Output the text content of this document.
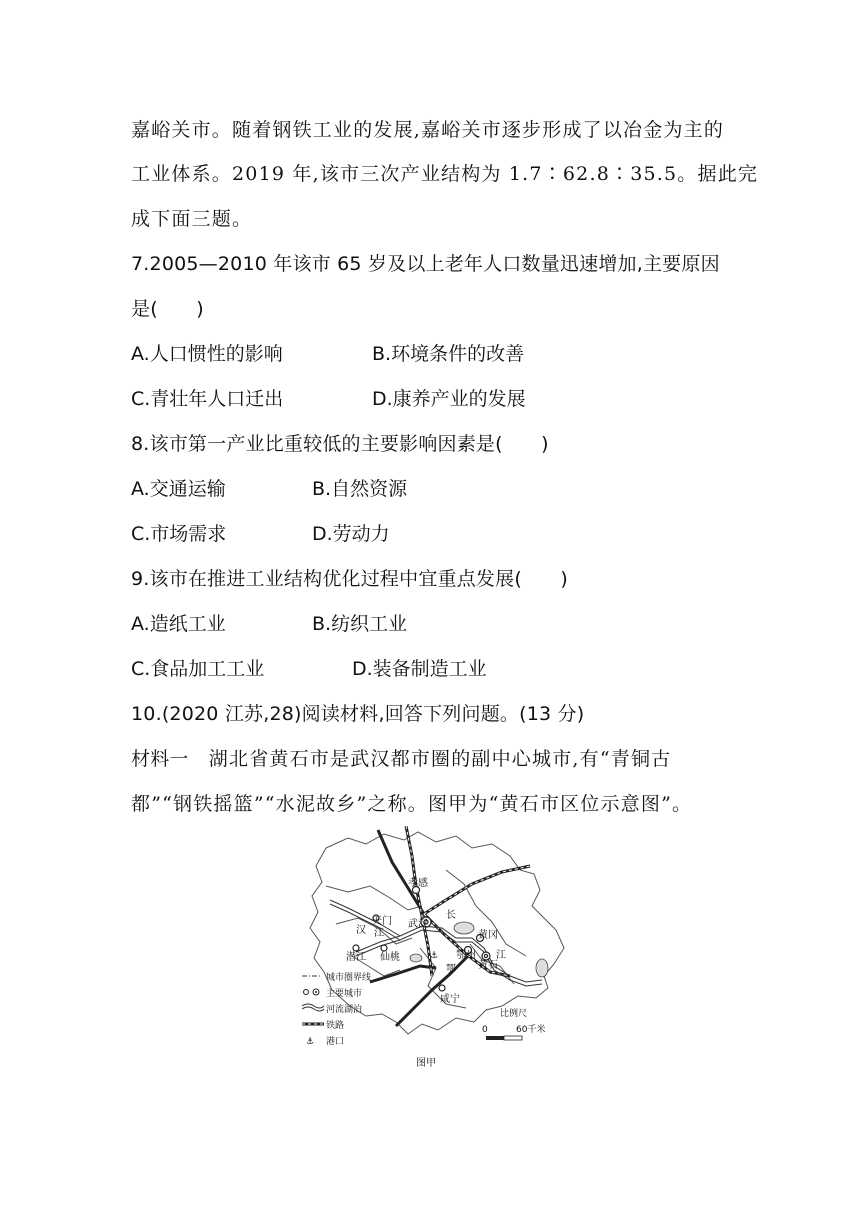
嘉峪关市。随着钢铁工业的发展,嘉峪关市逐步形成了以冶金为主的
工业体系。2019 年,该市三次产业结构为 1.7∶62.8∶35.5。据此完
成下面三题。
7.2005—2010 年该市 65 岁及以上老年人口数量迅速增加,主要原因
是(　　)
A.人口惯性的影响	B.环境条件的改善
C.青壮年人口迁出	D.康养产业的发展
8.该市第一产业比重较低的主要影响因素是(　　)
A.交通运输	B.自然资源
C.市场需求	D.劳动力
9.该市在推进工业结构优化过程中宜重点发展(　　)
A.造纸工业	B.纺织工业
C.食品加工工业	D.装备制造工业
10.(2020 江苏,28)阅读材料,回答下列问题。(13 分)
材料一　湖北省黄石市是武汉都市圈的副中心城市,有“青铜古
都”“钢铁摇篮”“水泥故乡”之称。图甲为“黄石市区位示意图”。
孝感
天门 武汉
汉 江
潜江 仙桃
长
黄冈
鄂州
黄石
江
咸宁
鄂
⚓
城市圈界线
主要城市
河流湖泊
铁路
⚓ 港口
比例尺
0	60千米
图甲
